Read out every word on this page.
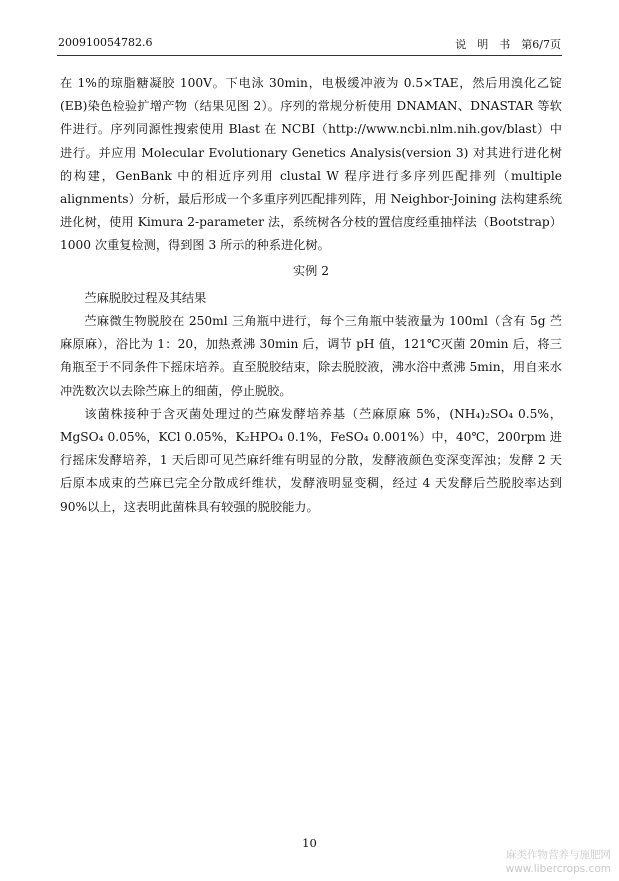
200910054782.6	说　明　书　第6/7页

在 1%的琼脂糖凝胶 100V。下电泳 30min，电极缓冲液为 0.5×TAE，然后用溴化乙锭(EB)染色检验扩增产物（结果见图 2）。序列的常规分析使用 DNAMAN、DNASTAR 等软件进行。序列同源性搜索使用 Blast 在 NCBI（http://www.ncbi.nlm.nih.gov/blast）中进行。并应用 Molecular Evolutionary Genetics Analysis(version 3) 对其进行进化树的构建，GenBank 中的相近序列用 clustal W 程序进行多序列匹配排列（multiple alignments）分析，最后形成一个多重序列匹配排列阵，用 Neighbor-Joining 法构建系统进化树，使用 Kimura 2-parameter 法，系统树各分枝的置信度经重抽样法（Bootstrap）1000 次重复检测，得到图 3 所示的种系进化树。

实例 2

苎麻脱胶过程及其结果

苎麻微生物脱胶在 250ml 三角瓶中进行，每个三角瓶中装液量为 100ml（含有 5g 苎麻原麻），浴比为 1：20，加热煮沸 30min 后，调节 pH 值，121℃灭菌 20min 后，将三角瓶至于不同条件下摇床培养。直至脱胶结束，除去脱胶液，沸水浴中煮沸 5min，用自来水冲洗数次以去除苎麻上的细菌，停止脱胶。

该菌株接种于含灭菌处理过的苎麻发酵培养基（苎麻原麻 5%，(NH₄)₂SO₄ 0.5%，MgSO₄ 0.05%，KCl 0.05%，K₂HPO₄ 0.1%，FeSO₄ 0.001%）中，40℃，200rpm 进行摇床发酵培养，1 天后即可见苎麻纤维有明显的分散，发酵液颜色变深变浑浊；发酵 2 天后原本成束的苎麻已完全分散成纤维状，发酵液明显变稠，经过 4 天发酵后苎脱胶率达到 90%以上，这表明此菌株具有较强的脱胶能力。

10
麻类作物营养与施肥网
www.libercrops.com
